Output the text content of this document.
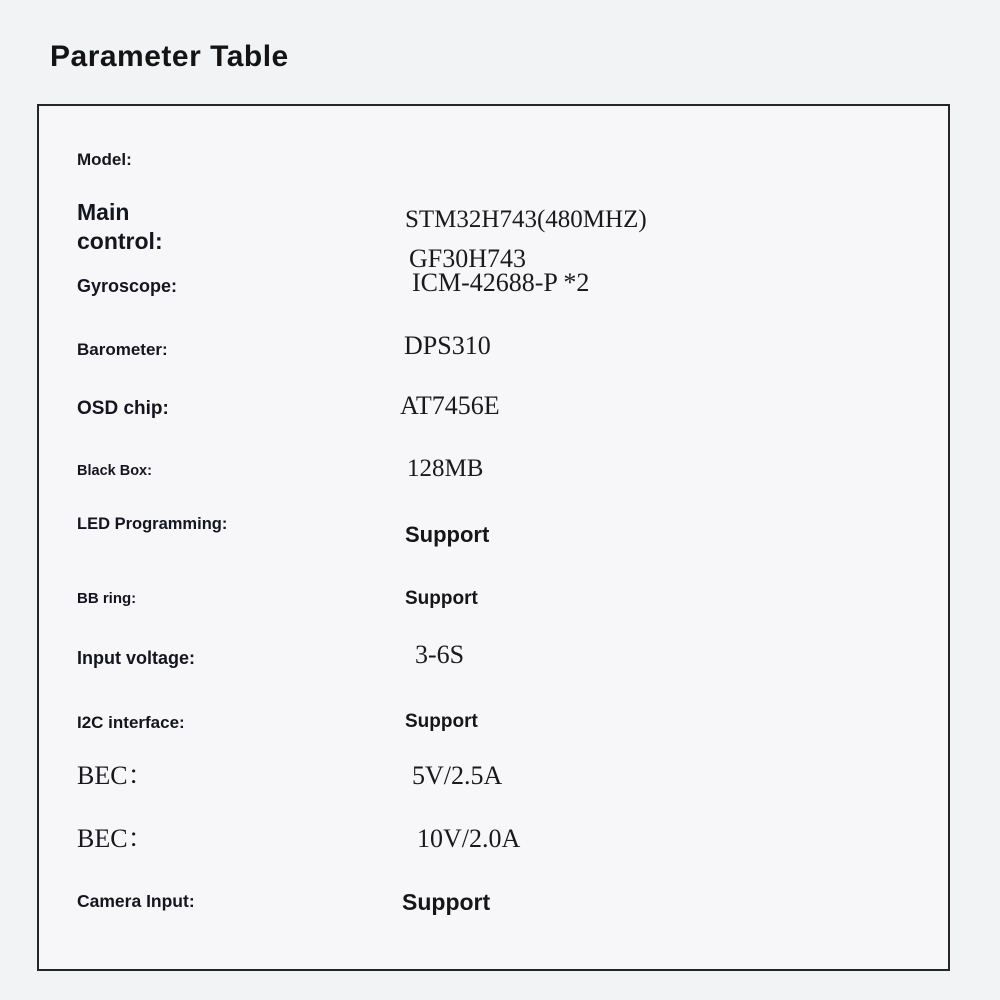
Parameter Table
Model:
GF30H743
Main control:
STM32H743(480MHZ)
Gyroscope:	ICM-42688-P *2
Barometer:	DPS310
OSD chip:	AT7456E
Black Box:	128MB
LED Programming:	Support
BB ring:	Support
Input voltage:	3-6S
I2C interface:	Support
BEC：	5V/2.5A
BEC：	10V/2.0A
Camera Input:	Support
